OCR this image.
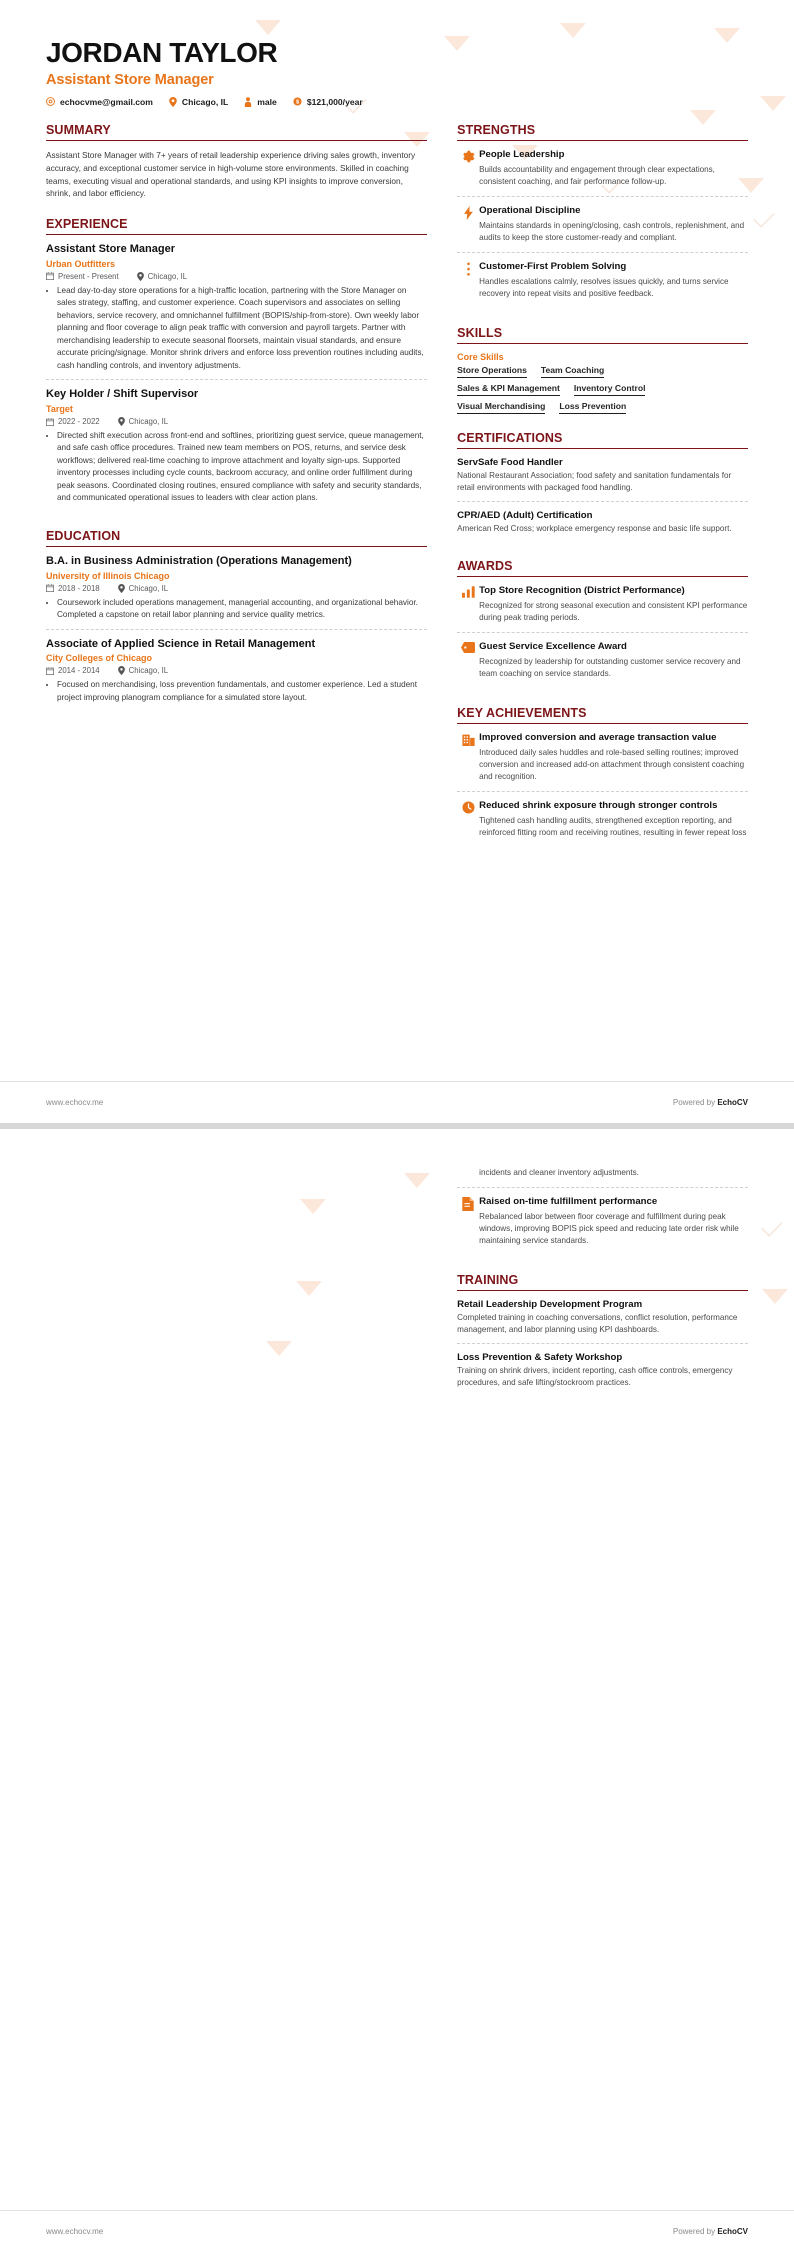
JORDAN TAYLOR
Assistant Store Manager
echocvme@gmail.com	Chicago, IL	male $ $121,000/year
SUMMARY
Assistant Store Manager with 7+ years of retail leadership experience driving sales growth, inventory accuracy, and exceptional customer service in high-volume store environments. Skilled in coaching teams, executing visual and operational standards, and using KPI insights to improve conversion, shrink, and labor efficiency.
EXPERIENCE
Assistant Store Manager
Urban Outfitters
Present - Present	Chicago, IL
• Lead day-to-day store operations for a high-traffic location, partnering with the Store Manager on sales strategy, staffing, and customer experience. Coach supervisors and associates on selling behaviors, service recovery, and omnichannel fulfillment (BOPIS/ship-from-store). Own weekly labor planning and floor coverage to align peak traffic with conversion and payroll targets. Partner with merchandising leadership to execute seasonal floorsets, maintain visual standards, and ensure accurate pricing/signage. Monitor shrink drivers and enforce loss prevention routines including audits, cash handling controls, and inventory adjustments.
Key Holder / Shift Supervisor
Target
2022 - 2022	Chicago, IL
• Directed shift execution across front-end and softlines, prioritizing guest service, queue management, and safe cash office procedures. Trained new team members on POS, returns, and service desk workflows; delivered real-time coaching to improve attachment and loyalty sign-ups. Supported inventory processes including cycle counts, backroom accuracy, and online order fulfillment during peak seasons. Coordinated closing routines, ensured compliance with safety and security standards, and communicated operational issues to leaders with clear action plans.
EDUCATION
B.A. in Business Administration (Operations Management)
University of Illinois Chicago
2018 - 2018	Chicago, IL
• Coursework included operations management, managerial accounting, and organizational behavior. Completed a capstone on retail labor planning and service quality metrics.
Associate of Applied Science in Retail Management
City Colleges of Chicago
2014 - 2014	Chicago, IL
• Focused on merchandising, loss prevention fundamentals, and customer experience. Led a student project improving planogram compliance for a simulated store layout.
STRENGTHS
People Leadership
Builds accountability and engagement through clear expectations, consistent coaching, and fair performance follow-up.
Operational Discipline
Maintains standards in opening/closing, cash controls, replenishment, and audits to keep the store customer-ready and compliant.
Customer-First Problem Solving
Handles escalations calmly, resolves issues quickly, and turns service recovery into repeat visits and positive feedback.
SKILLS
Core Skills
Store Operations Team Coaching
Sales & KPI Management Inventory Control
Visual Merchandising Loss Prevention
CERTIFICATIONS
ServSafe Food Handler
National Restaurant Association; food safety and sanitation fundamentals for retail environments with packaged food handling.
CPR/AED (Adult) Certification
American Red Cross; workplace emergency response and basic life support.
AWARDS
Top Store Recognition (District Performance)
Recognized for strong seasonal execution and consistent KPI performance during peak trading periods.
Guest Service Excellence Award
Recognized by leadership for outstanding customer service recovery and team coaching on service standards.
KEY ACHIEVEMENTS
Improved conversion and average transaction value
Introduced daily sales huddles and role-based selling routines; improved conversion and increased add-on attachment through consistent coaching and recognition.
Reduced shrink exposure through stronger controls
Tightened cash handling audits, strengthened exception reporting, and reinforced fitting room and receiving routines, resulting in fewer repeat loss
www.echocv.me	Powered by EchoCV
incidents and cleaner inventory adjustments.
Raised on-time fulfillment performance
Rebalanced labor between floor coverage and fulfillment during peak windows, improving BOPIS pick speed and reducing late order risk while maintaining service standards.
TRAINING
Retail Leadership Development Program
Completed training in coaching conversations, conflict resolution, performance management, and labor planning using KPI dashboards.
Loss Prevention & Safety Workshop
Training on shrink drivers, incident reporting, cash office controls, emergency procedures, and safe lifting/stockroom practices.
www.echocv.me	Powered by EchoCV
